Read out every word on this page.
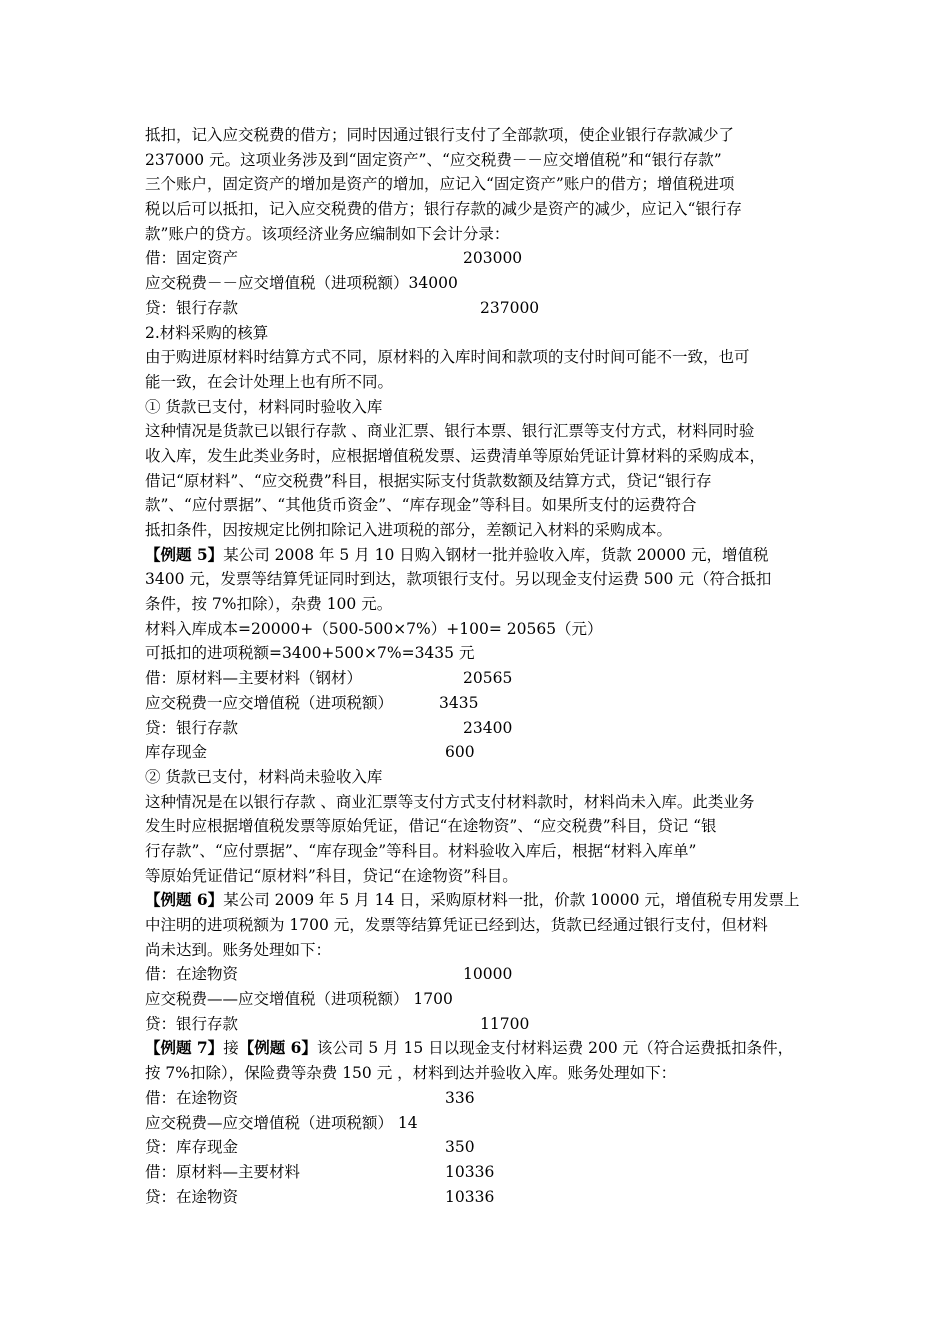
抵扣，记入应交税费的借方；同时因通过银行支付了全部款项，使企业银行存款减少了
237000 元。这项业务涉及到“固定资产”、“应交税费－－应交增值税”和“银行存款”
三个账户，固定资产的增加是资产的增加，应记入“固定资产”账户的借方；增值税进项
税以后可以抵扣，记入应交税费的借方；银行存款的减少是资产的减少，应记入“银行存
款”账户的贷方。该项经济业务应编制如下会计分录：
借：固定资产	203000
应交税费－－应交增值税（进项税额）34000
贷：银行存款	237000
2.材料采购的核算
由于购进原材料时结算方式不同，原材料的入库时间和款项的支付时间可能不一致，也可
能一致，在会计处理上也有所不同。
① 货款已支付，材料同时验收入库
这种情况是货款已以银行存款 、商业汇票、银行本票、银行汇票等支付方式，材料同时验
收入库，发生此类业务时，应根据增值税发票、运费清单等原始凭证计算材料的采购成本，
借记“原材料”、“应交税费”科目，根据实际支付货款数额及结算方式，贷记“银行存
款”、“应付票据”、“其他货币资金”、“库存现金”等科目。如果所支付的运费符合
抵扣条件，因按规定比例扣除记入进项税的部分，差额记入材料的采购成本。
【例题 5】某公司 2008 年 5 月 10 日购入钢材一批并验收入库，货款 20000 元，增值税
3400 元，发票等结算凭证同时到达，款项银行支付。另以现金支付运费 500 元（符合抵扣
条件，按 7%扣除），杂费 100 元。
材料入库成本=20000+（500-500×7%）+100= 20565（元）
可抵扣的进项税额=3400+500×7%=3435 元
借：原材料—主要材料（钢材）	20565
应交税费一应交增值税（进项税额）	3435
贷：银行存款	23400
库存现金	600
② 货款已支付，材料尚未验收入库
这种情况是在以银行存款 、商业汇票等支付方式支付材料款时，材料尚未入库。此类业务
发生时应根据增值税发票等原始凭证，借记“在途物资”、“应交税费”科目，贷记 “银
行存款”、“应付票据”、“库存现金”等科目。材料验收入库后，根据“材料入库单”
等原始凭证借记“原材料”科目，贷记“在途物资”科目。
【例题 6】某公司 2009 年 5 月 14 日，采购原材料一批，价款 10000 元，增值税专用发票上
中注明的进项税额为 1700 元，发票等结算凭证已经到达，货款已经通过银行支付，但材料
尚未达到。账务处理如下：
借：在途物资	10000
应交税费——应交增值税（进项税额） 1700
贷：银行存款	11700
【例题 7】接【例题 6】该公司 5 月 15 日以现金支付材料运费 200 元（符合运费抵扣条件，
按 7%扣除），保险费等杂费 150 元 ，材料到达并验收入库。账务处理如下：
借：在途物资	336
应交税费—应交增值税（进项税额） 14
贷：库存现金	350
借：原材料—主要材料	10336
贷：在途物资	10336
